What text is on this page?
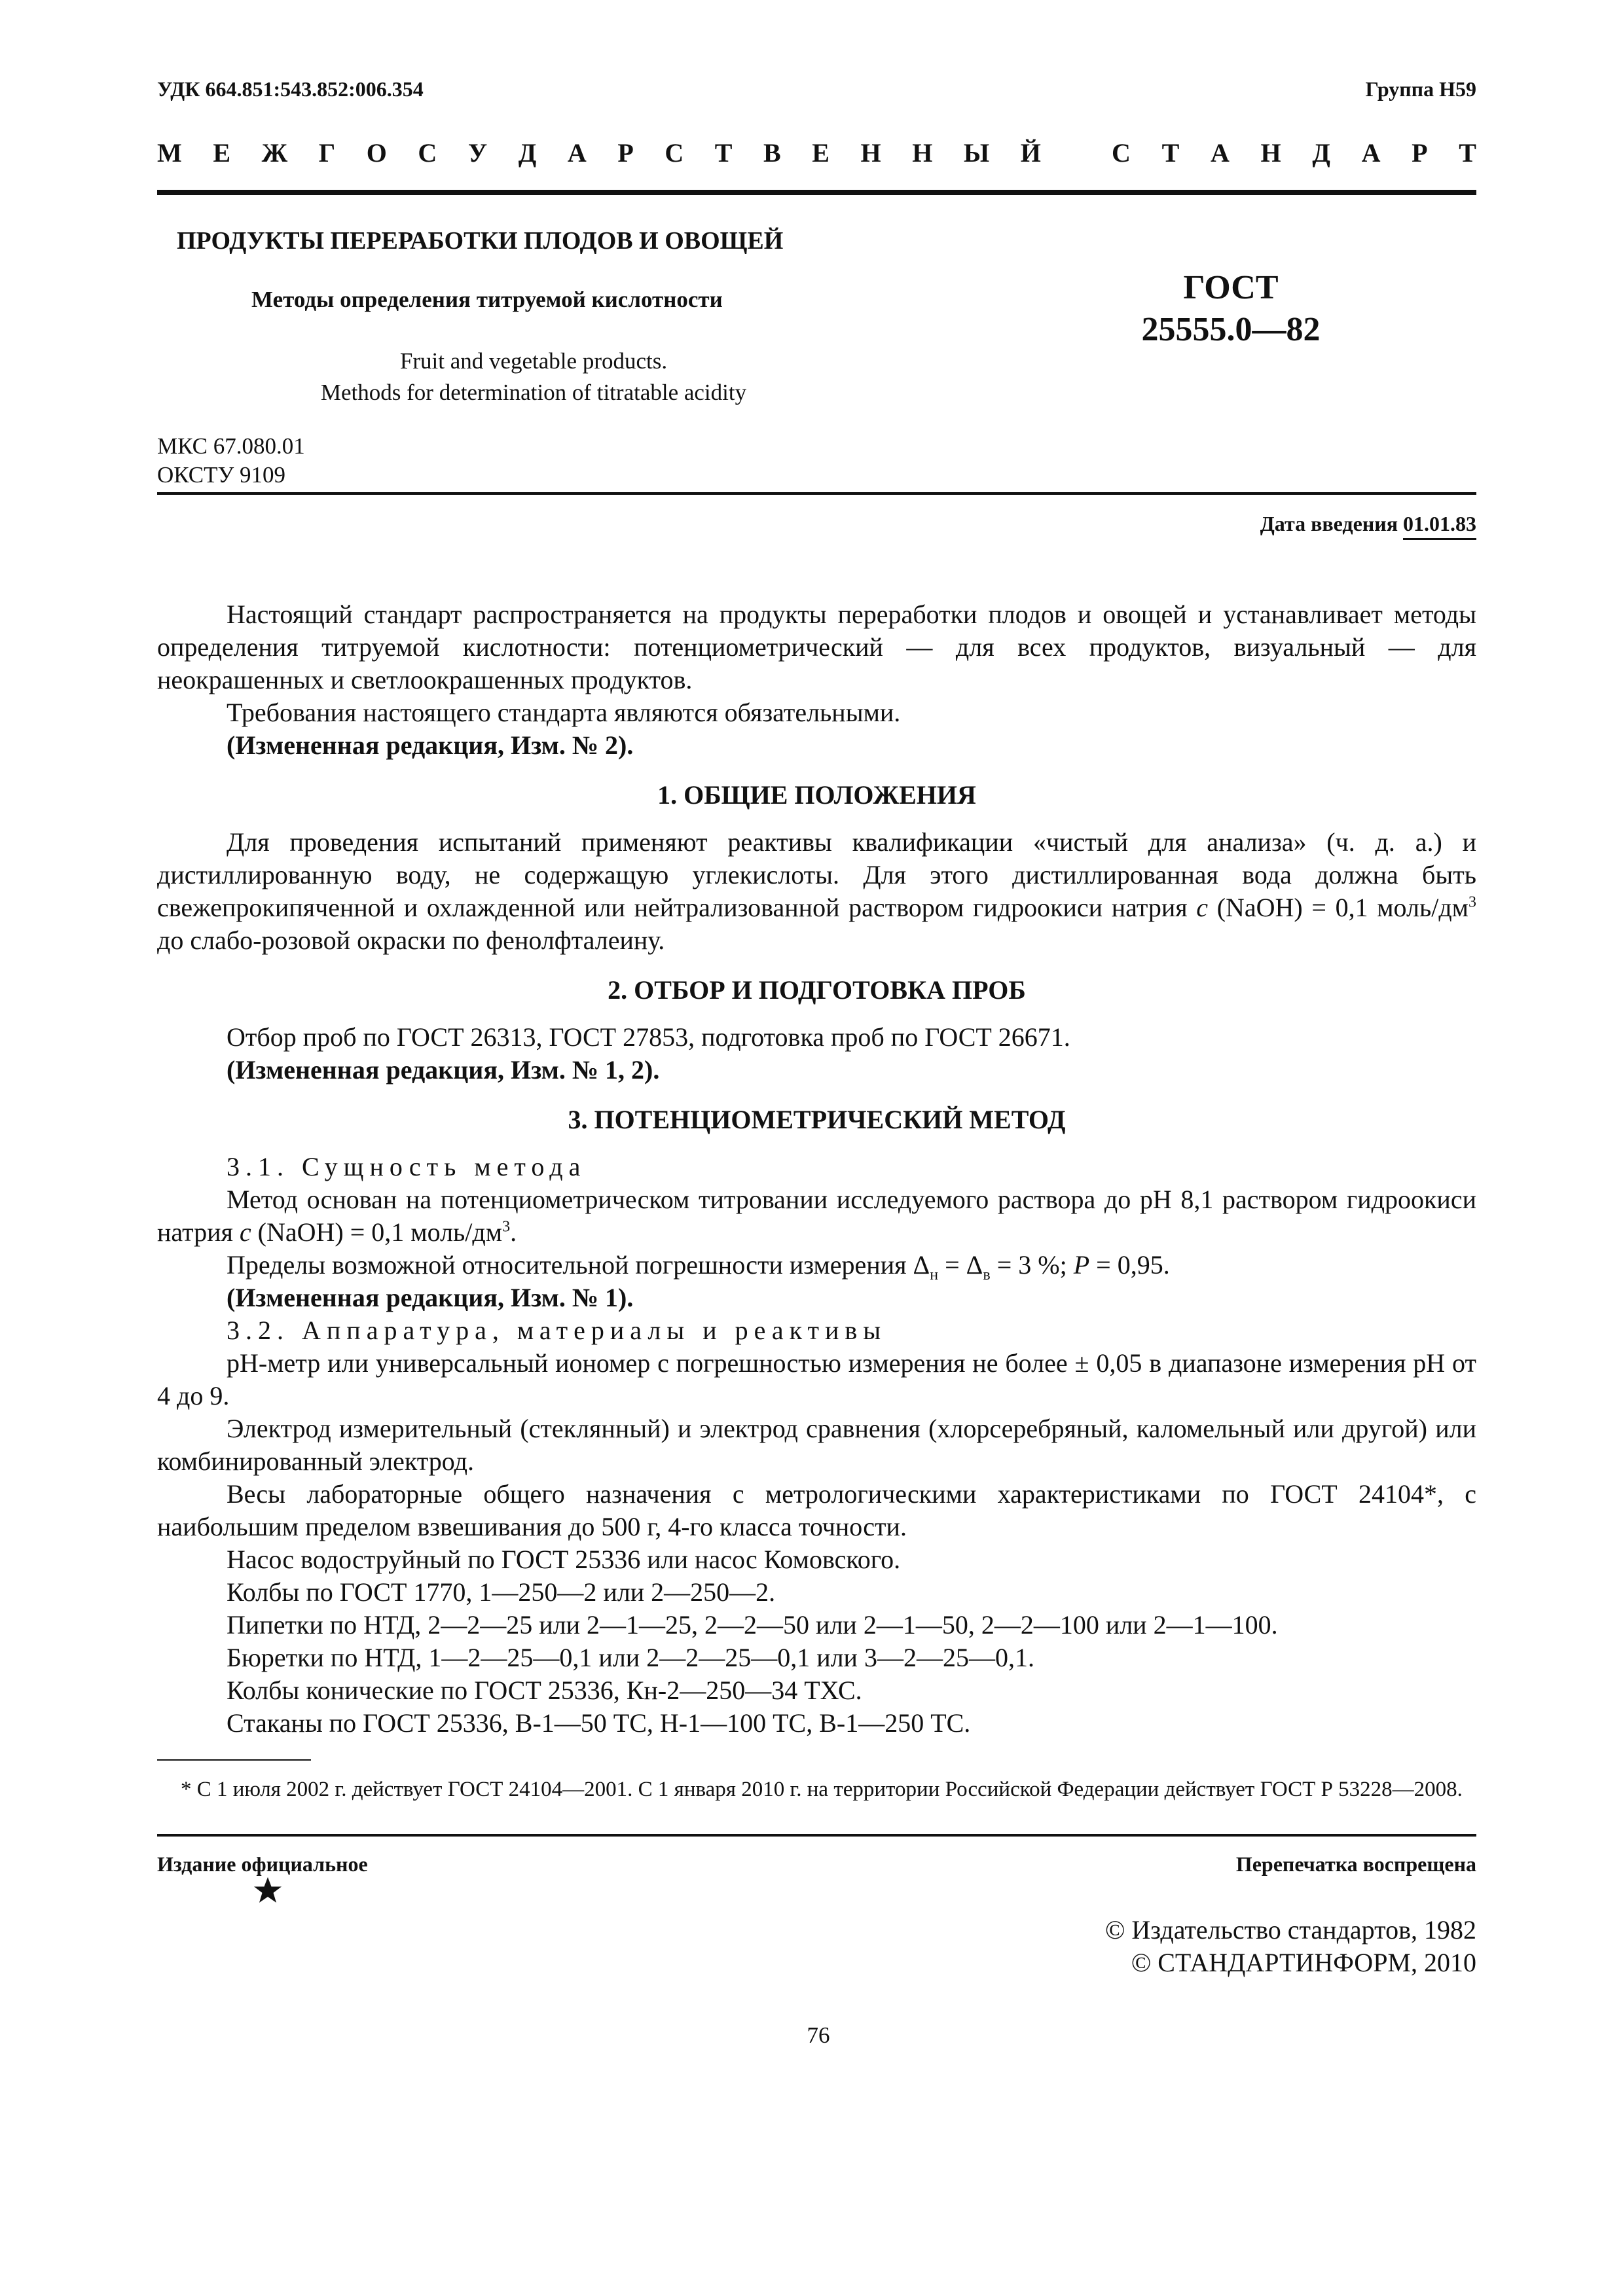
УДК 664.851:543.852:006.354	Группа Н59
М Е Ж Г О С У Д А Р С Т В Е Н Н Ы Й	С Т А Н Д А Р Т
ПРОДУКТЫ ПЕРЕРАБОТКИ ПЛОДОВ И ОВОЩЕЙ
Методы определения титруемой кислотности
Fruit and vegetable products.
Methods for determination of titratable acidity
ГОСТ
25555.0—82
МКС 67.080.01
ОКСТУ 9109
Дата введения 01.01.83

Настоящий стандарт распространяется на продукты переработки плодов и овощей и устанавливает методы определения титруемой кислотности: потенциометрический — для всех продуктов, визуальный — для неокрашенных и светлоокрашенных продуктов.

Требования настоящего стандарта являются обязательными.

(Измененная редакция, Изм. № 2).

1. ОБЩИЕ ПОЛОЖЕНИЯ

Для проведения испытаний применяют реактивы квалификации «чистый для анализа» (ч. д. а.) и дистиллированную воду, не содержащую углекислоты. Для этого дистиллированная вода должна быть свежепрокипяченной и охлажденной или нейтрализованной раствором гидроокиси натрия c (NaOH) = 0,1 моль/$дм^3$ до слабо-розовой окраски по фенолфталеину.

2. ОТБОР И ПОДГОТОВКА ПРОБ

Отбор проб по ГОСТ 26313, ГОСТ 27853, подготовка проб по ГОСТ 26671.

(Измененная редакция, Изм. № 1, 2).

3. ПОТЕНЦИОМЕТРИЧЕСКИЙ МЕТОД

3.1. Сущность метода

Метод основан на потенциометрическом титровании исследуемого раствора до pH 8,1 раствором гидроокиси натрия c (NaOH) = 0,1 моль/$дм^3$.

Пределы возможной относительной погрешности измерения $\Delta_н = \Delta_в = 3$ %; P = 0,95.

(Измененная редакция, Изм. № 1).

3.2. Аппаратура, материалы и реактивы

pH-метр или универсальный иономер с погрешностью измерения не более ± 0,05 в диапазоне измерения pH от 4 до 9.

Электрод измерительный (стеклянный) и электрод сравнения (хлорсеребряный, каломельный или другой) или комбинированный электрод.

Весы лабораторные общего назначения с метрологическими характеристиками по ГОСТ 24104*, с наибольшим пределом взвешивания до 500 г, 4-го класса точности.

Насос водоструйный по ГОСТ 25336 или насос Комовского.

Колбы по ГОСТ 1770, 1—250—2 или 2—250—2.

Пипетки по НТД, 2—2—25 или 2—1—25, 2—2—50 или 2—1—50, 2—2—100 или 2—1—100.

Бюретки по НТД, 1—2—25—0,1 или 2—2—25—0,1 или 3—2—25—0,1.

Колбы конические по ГОСТ 25336, Кн-2—250—34 ТХС.

Стаканы по ГОСТ 25336, В-1—50 ТС, Н-1—100 ТС, В-1—250 ТС.

* С 1 июля 2002 г. действует ГОСТ 24104—2001. С 1 января 2010 г. на территории Российской Федерации действует ГОСТ Р 53228—2008.
Издание официальное	Перепечатка воспрещена
© Издательство стандартов, 1982
© СТАНДАРТИНФОРМ, 2010
76
